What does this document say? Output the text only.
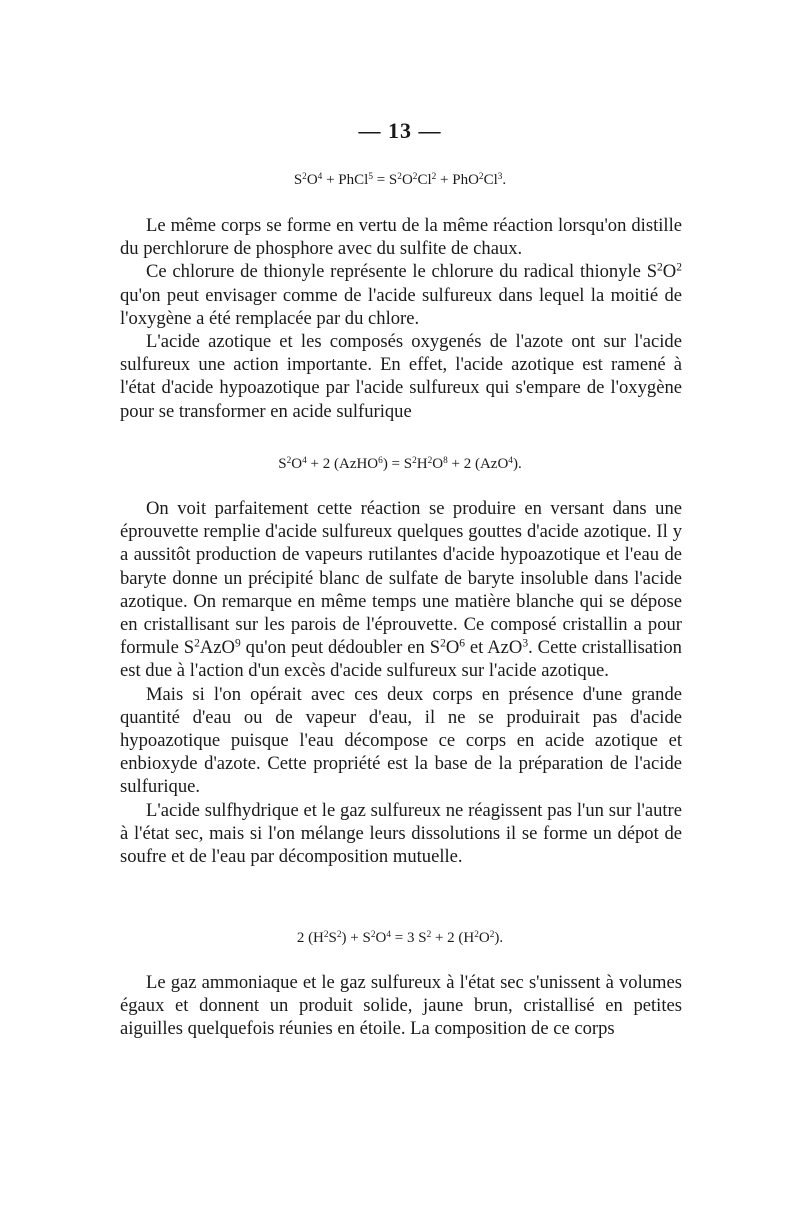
— 13 —
$S^2O^4$ + PhCl$^5$ = $S^2O^2Cl^2 + PhO^2Cl^3$.

Le même corps se forme en vertu de la même réaction lorsqu'on distille du perchlorure de phosphore avec du sulfite de chaux.

Ce chlorure de thionyle représente le chlorure du radical thionyle $S^2O^2$ qu'on peut envisager comme de l'acide sulfureux dans lequel la moitié de l'oxygène a été remplacée par du chlore.

L'acide azotique et les composés oxygenés de l'azote ont sur l'acide sulfureux une action importante. En effet, l'acide azotique est ramené à l'état d'acide hypoazotique par l'acide sulfureux qui s'empare de l'oxygène pour se transformer en acide sulfurique

$S^2O^4 + 2$ (AzHO$^6$) = $S^2H^2O^8 + 2$ (AzO$^4$).

On voit parfaitement cette réaction se produire en versant dans une éprouvette remplie d'acide sulfureux quelques gouttes d'acide azotique. Il y a aussitôt production de vapeurs rutilantes d'acide hypoazotique et l'eau de baryte donne un précipité blanc de sulfate de baryte insoluble dans l'acide azotique. On remarque en même temps une matière blanche qui se dépose en cristallisant sur les parois de l'éprouvette. Ce composé cristallin a pour formule $S^2AzO^9$ qu'on peut dédoubler en $S^2O^6$ et AzO$^3$. Cette cristallisation est due à l'action d'un excès d'acide sulfureux sur l'acide azotique.

Mais si l'on opérait avec ces deux corps en présence d'une grande quantité d'eau ou de vapeur d'eau, il ne se produirait pas d'acide hypoazotique puisque l'eau décompose ce corps en acide azotique et enbioxyde d'azote. Cette propriété est la base de la préparation de l'acide sulfurique.

L'acide sulfhydrique et le gaz sulfureux ne réagissent pas l'un sur l'autre à l'état sec, mais si l'on mélange leurs dissolutions il se forme un dépot de soufre et de l'eau par décomposition mutuelle.

2 $(H^2S^2) + S^2O^4 = 3$ $S^2 + 2$ $(H^2O^2)$.

Le gaz ammoniaque et le gaz sulfureux à l'état sec s'unissent à volumes égaux et donnent un produit solide, jaune brun, cristallisé en petites aiguilles quelquefois réunies en étoile. La composition de ce corps
